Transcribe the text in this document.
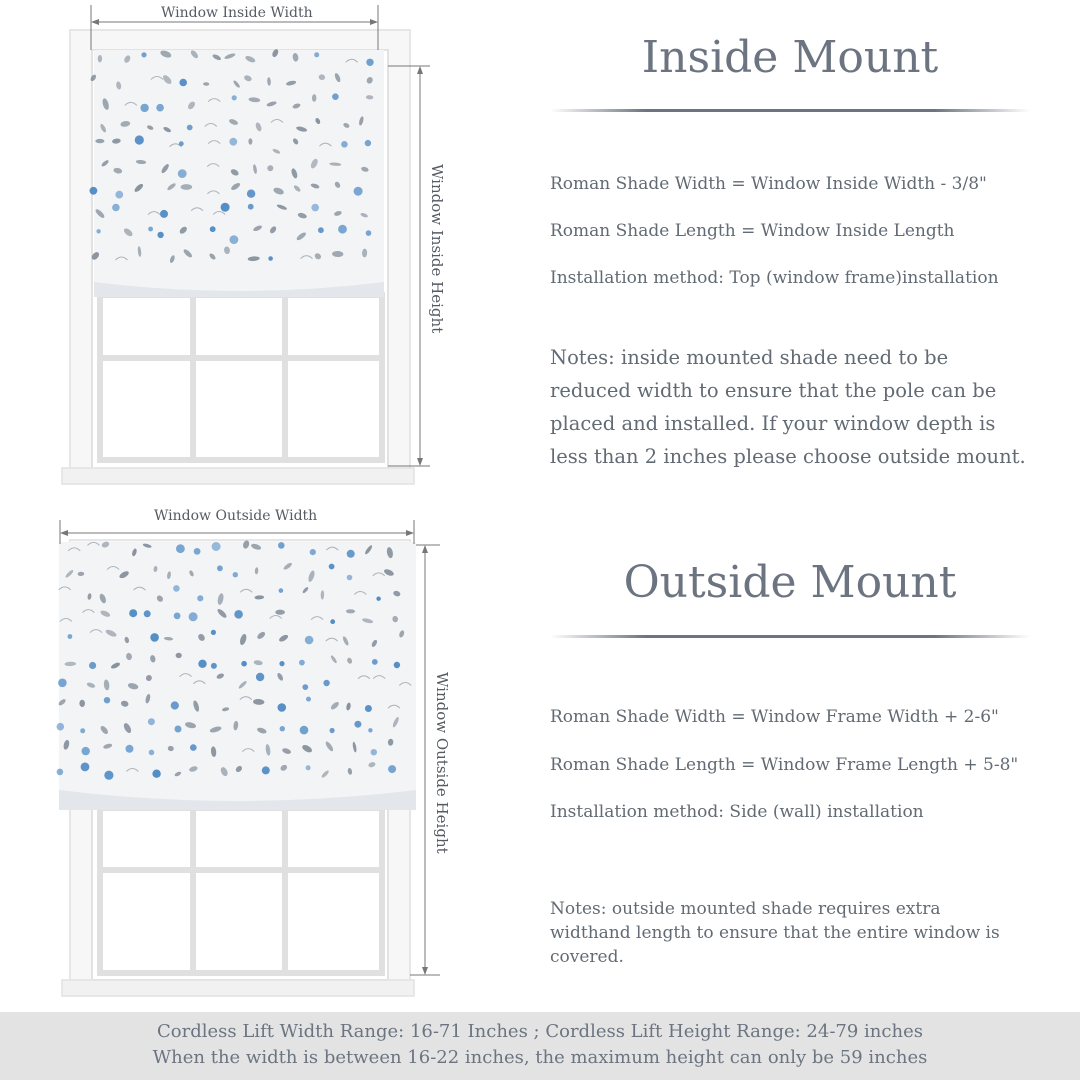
Window Inside Width
Window Inside Height
Window Outside Width
Window Outside Height
Inside Mount
Roman Shade Width = Window Inside Width - 3/8"
Roman Shade Length = Window Inside Length
Installation method: Top (window frame)installation
Notes: inside mounted shade need to be
reduced width to ensure that the pole can be
placed and installed. If your window depth is
less than 2 inches please choose outside mount.
Outside Mount
Roman Shade Width = Window Frame Width + 2-6"
Roman Shade Length = Window Frame Length + 5-8"
Installation method: Side (wall) installation
Notes: outside mounted shade requires extra
widthand length to ensure that the entire window is
covered.
Cordless Lift Width Range: 16-71 Inches ; Cordless Lift Height Range: 24-79 inches
When the width is between 16-22 inches, the maximum height can only be 59 inches
